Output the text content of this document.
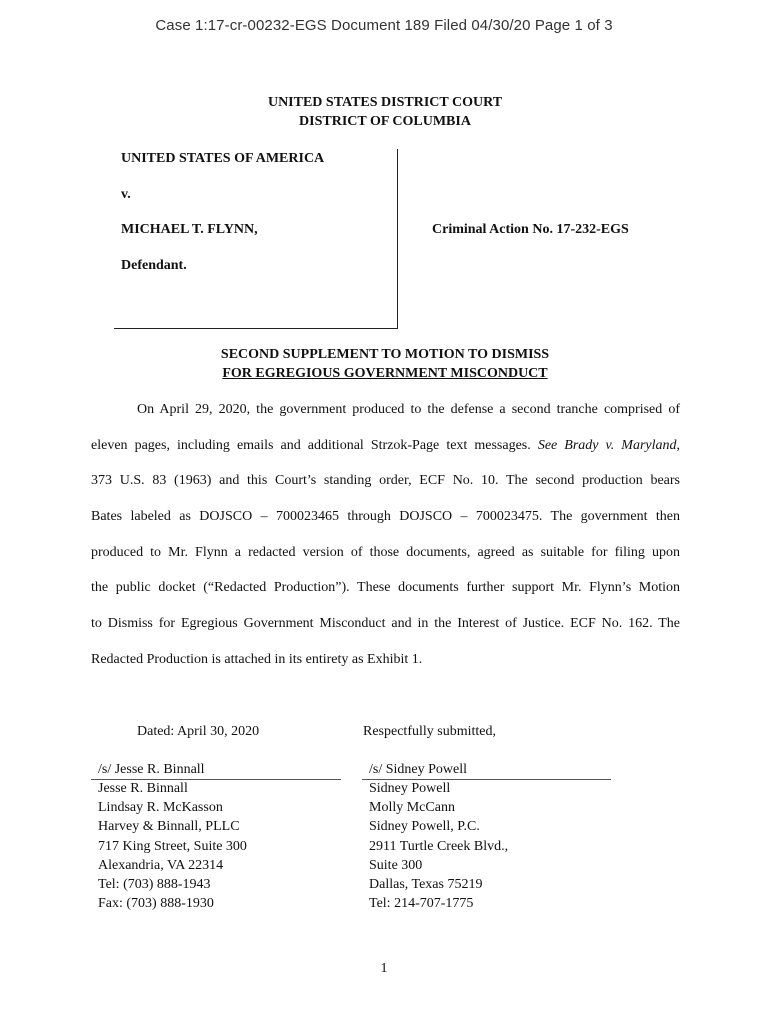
Case 1:17-cr-00232-EGS Document 189 Filed 04/30/20 Page 1 of 3
UNITED STATES DISTRICT COURT
DISTRICT OF COLUMBIA
UNITED STATES OF AMERICA
v.
MICHAEL T. FLYNN,
Defendant.
Criminal Action No. 17-232-EGS
SECOND SUPPLEMENT TO MOTION TO DISMISS
FOR EGREGIOUS GOVERNMENT MISCONDUCT
On April 29, 2020, the government produced to the defense a second tranche comprised of
eleven pages, including emails and additional Strzok-Page text messages. See Brady v. Maryland,
373 U.S. 83 (1963) and this Court’s standing order, ECF No. 10. The second production bears
Bates labeled as DOJSCO – 700023465 through DOJSCO – 700023475. The government then
produced to Mr. Flynn a redacted version of those documents, agreed as suitable for filing upon
the public docket (“Redacted Production”). These documents further support Mr. Flynn’s Motion
to Dismiss for Egregious Government Misconduct and in the Interest of Justice. ECF No. 162. The
Redacted Production is attached in its entirety as Exhibit 1.
Dated: April 30, 2020	Respectfully submitted,
/s/ Jesse R. Binnall
Jesse R. Binnall
Lindsay R. McKasson
Harvey & Binnall, PLLC
717 King Street, Suite 300
Alexandria, VA 22314
Tel: (703) 888-1943
Fax: (703) 888-1930
/s/ Sidney Powell
Sidney Powell
Molly McCann
Sidney Powell, P.C.
2911 Turtle Creek Blvd.,
Suite 300
Dallas, Texas 75219
Tel: 214-707-1775
1
